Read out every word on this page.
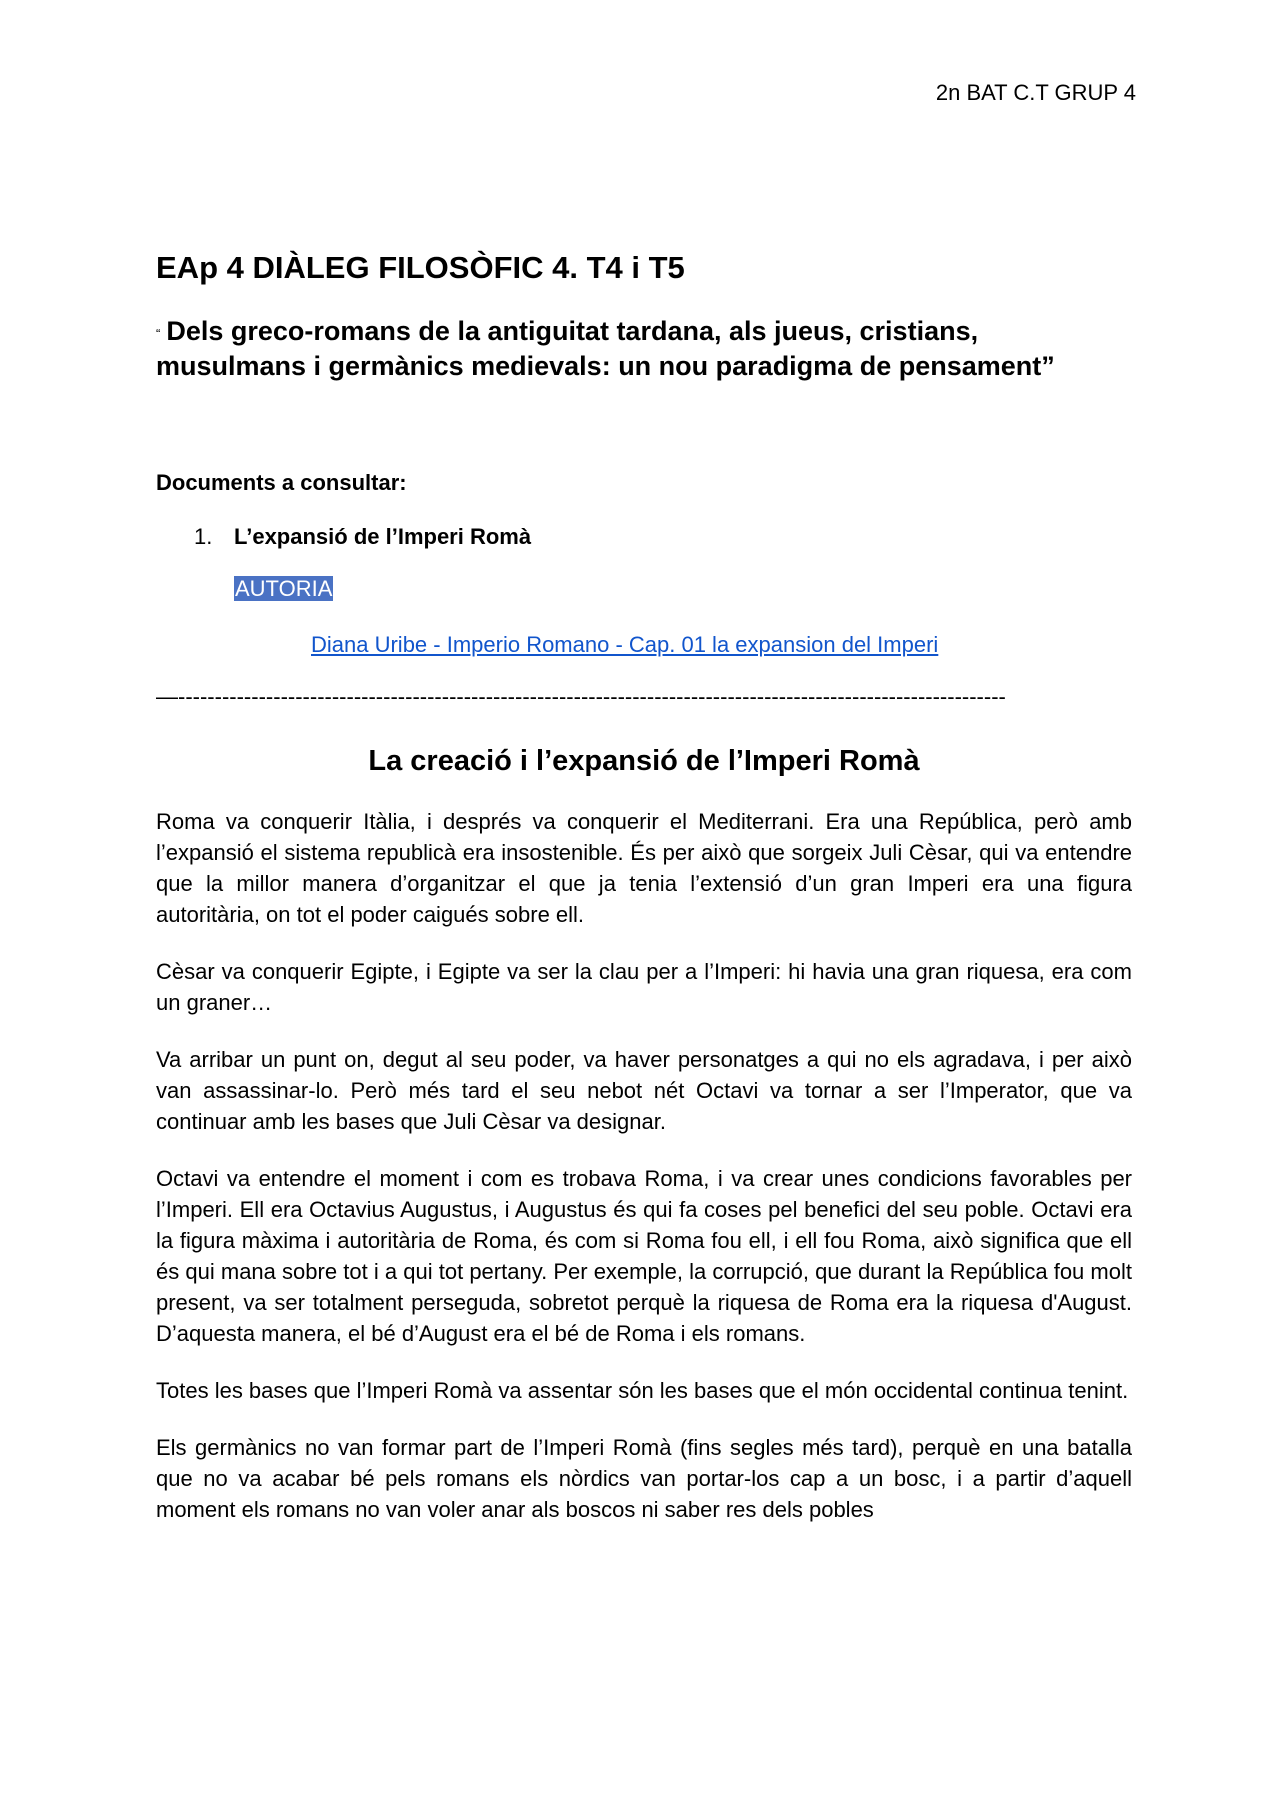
2n BAT C.T GRUP 4
EAp 4 DIÀLEG FILOSÒFIC 4. T4 i T5
“ Dels greco-romans de la antiguitat tardana, als jueus, cristians, musulmans i germànics medievals: un nou paradigma de pensament”
Documents a consultar:
1. L’expansió de l’Imperi Romà
AUTORIA
Diana Uribe - Imperio Romano - Cap. 01 la expansion del Imperi
—-----------------------------------------------------------------------------------------------------------------
La creació i l’expansió de l’Imperi Romà

Roma va conquerir Itàlia, i després va conquerir el Mediterrani. Era una República, però amb l’expansió el sistema republicà era insostenible. És per això que sorgeix Juli Cèsar, qui va entendre que la millor manera d’organitzar el que ja tenia l’extensió d’un gran Imperi era una figura autoritària, on tot el poder caigués sobre ell.

Cèsar va conquerir Egipte, i Egipte va ser la clau per a l’Imperi: hi havia una gran riquesa, era com un graner…

Va arribar un punt on, degut al seu poder, va haver personatges a qui no els agradava, i per això van assassinar-lo. Però més tard el seu nebot nét Octavi va tornar a ser l’Imperator, que va continuar amb les bases que Juli Cèsar va designar.

Octavi va entendre el moment i com es trobava Roma, i va crear unes condicions favorables per l’Imperi. Ell era Octavius Augustus, i Augustus és qui fa coses pel benefici del seu poble. Octavi era la figura màxima i autoritària de Roma, és com si Roma fou ell, i ell fou Roma, això significa que ell és qui mana sobre tot i a qui tot pertany. Per exemple, la corrupció, que durant la República fou molt present, va ser totalment perseguda, sobretot perquè la riquesa de Roma era la riquesa d'August. D’aquesta manera, el bé d’August era el bé de Roma i els romans.

Totes les bases que l’Imperi Romà va assentar són les bases que el món occidental continua tenint.

Els germànics no van formar part de l’Imperi Romà (fins segles més tard), perquè en una batalla que no va acabar bé pels romans els nòrdics van portar-los cap a un bosc, i a partir d’aquell moment els romans no van voler anar als boscos ni saber res dels pobles
